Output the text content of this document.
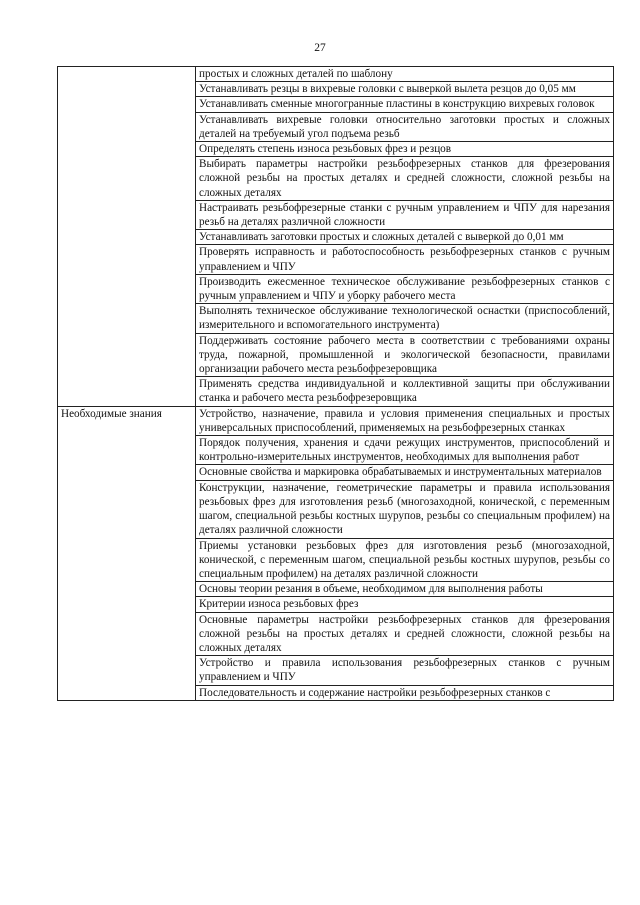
27
	простых и сложных деталей по шаблону
	Устанавливать резцы в вихревые головки с выверкой вылета резцов до 0,05 мм
	Устанавливать сменные многогранные пластины в конструкцию вихревых головок
	Устанавливать вихревые головки относительно заготовки простых и сложных деталей на требуемый угол подъема резьб
	Определять степень износа резьбовых фрез и резцов
	Выбирать параметры настройки резьбофрезерных станков для фрезерования сложной резьбы на простых деталях и средней сложности, сложной резьбы на сложных деталях
	Настраивать резьбофрезерные станки с ручным управлением и ЧПУ для нарезания резьб на деталях различной сложности
	Устанавливать заготовки простых и сложных деталей с выверкой до 0,01 мм
	Проверять исправность и работоспособность резьбофрезерных станков с ручным управлением и ЧПУ
	Производить ежесменное техническое обслуживание резьбофрезерных станков с ручным управлением и ЧПУ и уборку рабочего места
	Выполнять техническое обслуживание технологической оснастки (приспособлений, измерительного и вспомогательного инструмента)
	Поддерживать состояние рабочего места в соответствии с требованиями охраны труда, пожарной, промышленной и экологической безопасности, правилами организации рабочего места резьбофрезеровщика
	Применять средства индивидуальной и коллективной защиты при обслуживании станка и рабочего места резьбофрезеровщика
Необходимые знания	Устройство, назначение, правила и условия применения специальных и простых универсальных приспособлений, применяемых на резьбофрезерных станках
	Порядок получения, хранения и сдачи режущих инструментов, приспособлений и контрольно-измерительных инструментов, необходимых для выполнения работ
	Основные свойства и маркировка обрабатываемых и инструментальных материалов
	Конструкции, назначение, геометрические параметры и правила использования резьбовых фрез для изготовления резьб (многозаходной, конической, с переменным шагом, специальной резьбы костных шурупов, резьбы со специальным профилем) на деталях различной сложности
	Приемы установки резьбовых фрез для изготовления резьб (многозаходной, конической, с переменным шагом, специальной резьбы костных шурупов, резьбы со специальным профилем) на деталях различной сложности
	Основы теории резания в объеме, необходимом для выполнения работы
	Критерии износа резьбовых фрез
	Основные параметры настройки резьбофрезерных станков для фрезерования сложной резьбы на простых деталях и средней сложности, сложной резьбы на сложных деталях
	Устройство и правила использования резьбофрезерных станков с ручным управлением и ЧПУ
	Последовательность и содержание настройки резьбофрезерных станков с
